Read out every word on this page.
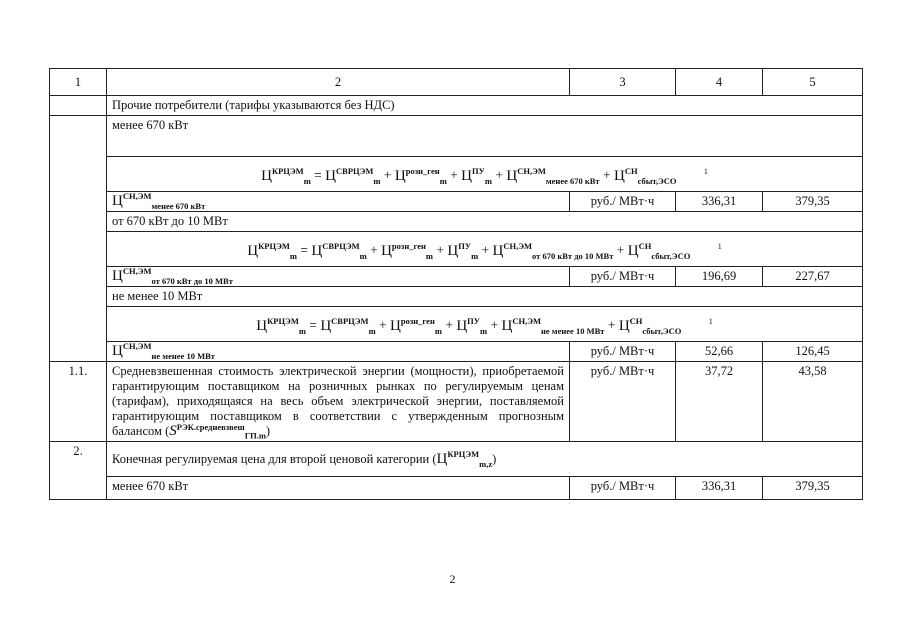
1	2	3	4	5
	Прочие потребители (тарифы указываются без НДС)			
	менее 670 кВт			
	$Ц^{КРЦЭМ}_m = Ц^{СВРЦЭМ}_m + Ц^{розн\_ген}_m + Ц^{ПУ}_m + Ц^{СН,ЭМ}_{менее 670 кВт} + Ц^{СН}_{сбыт,ЭСО}$ $^1$
	$Ц^{СН,ЭМ}_{менее 670 кВт}$	руб./ МВт·ч	336,31	379,35
	от 670 кВт до 10 МВт			
	$Ц^{КРЦЭМ}_m = Ц^{СВРЦЭМ}_m + Ц^{розн\_ген}_m + Ц^{ПУ}_m + Ц^{СН,ЭМ}_{от 670 кВт до 10 МВт} + Ц^{СН}_{сбыт,ЭСО}$ $^1$
	$Ц^{СН,ЭМ}_{от 670 кВт до 10 МВт}$	руб./ МВт·ч	196,69	227,67
	не менее 10 МВт			
	$Ц^{КРЦЭМ}_m = Ц^{СВРЦЭМ}_m + Ц^{розн\_ген}_m + Ц^{ПУ}_m + Ц^{СН,ЭМ}_{не менее 10 МВт} + Ц^{СН}_{сбыт,ЭСО}$ $^1$
	$Ц^{СН,ЭМ}_{не менее 10 МВт}$	руб./ МВт·ч	52,66	126,45
1.1.	Средневзвешенная стоимость электрической энергии (мощности), приобретаемой гарантирующим поставщиком на розничных рынках по регулируемым ценам (тарифам), приходящаяся на весь объем электрической энергии, поставляемой гарантирующим поставщиком в соответствии с утвержденным прогнозным балансом $(S^{РЭК.средневзвеш}_{ГП.m})$	руб./ МВт·ч	37,72	43,58
2.	Конечная регулируемая цена для второй ценовой категории $(Ц^{КРЦЭМ}_{m,z})$			
	менее 670 кВт	руб./ МВт·ч	336,31	379,35
2
